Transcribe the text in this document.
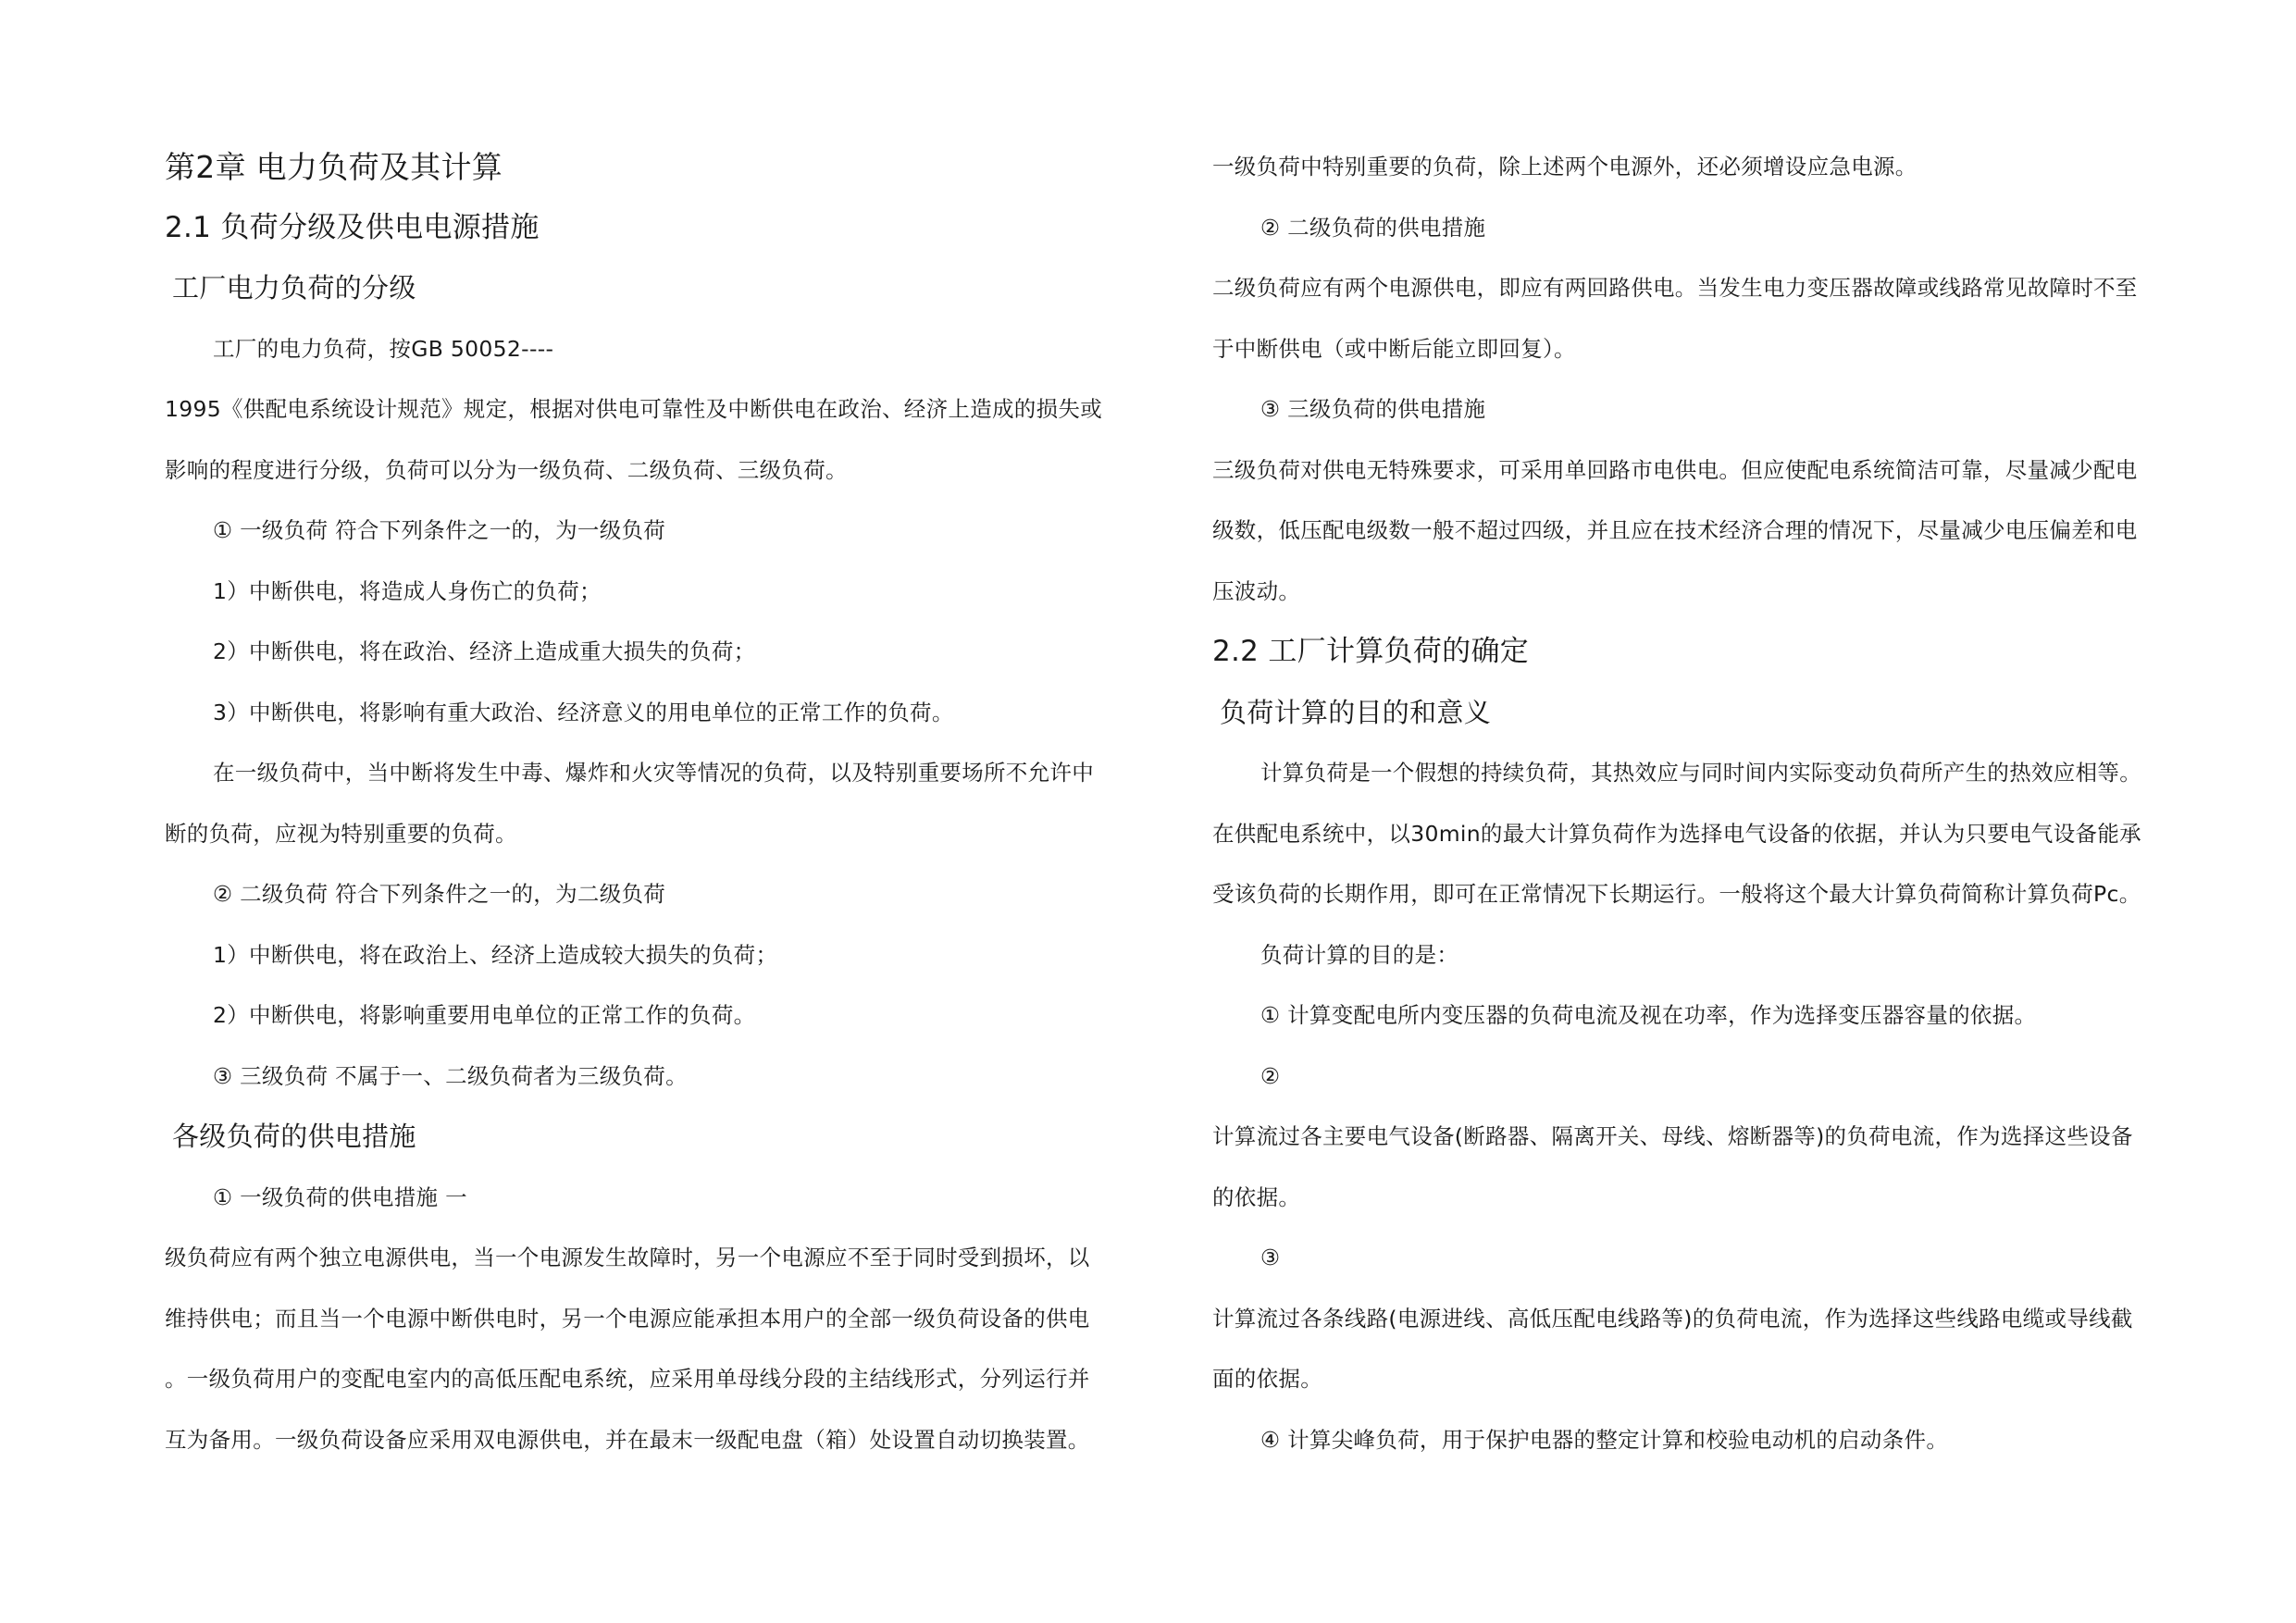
第2章 电力负荷及其计算
2.1 负荷分级及供电电源措施
工厂电力负荷的分级
工厂的电力负荷，按GB 50052----
1995《供配电系统设计规范》规定，根据对供电可靠性及中断供电在政治、经济上造成的损失或
影响的程度进行分级，负荷可以分为一级负荷、二级负荷、三级负荷。
① 一级负荷 符合下列条件之一的，为一级负荷
1）中断供电，将造成人身伤亡的负荷；
2）中断供电，将在政治、经济上造成重大损失的负荷；
3）中断供电，将影响有重大政治、经济意义的用电单位的正常工作的负荷。
在一级负荷中，当中断将发生中毒、爆炸和火灾等情况的负荷，以及特别重要场所不允许中
断的负荷，应视为特别重要的负荷。
② 二级负荷 符合下列条件之一的，为二级负荷
1）中断供电，将在政治上、经济上造成较大损失的负荷；
2）中断供电，将影响重要用电单位的正常工作的负荷。
③ 三级负荷 不属于一、二级负荷者为三级负荷。
各级负荷的供电措施
① 一级负荷的供电措施 一
级负荷应有两个独立电源供电，当一个电源发生故障时，另一个电源应不至于同时受到损坏，以
维持供电；而且当一个电源中断供电时，另一个电源应能承担本用户的全部一级负荷设备的供电
。一级负荷用户的变配电室内的高低压配电系统，应采用单母线分段的主结线形式，分列运行并
互为备用。一级负荷设备应采用双电源供电，并在最末一级配电盘（箱）处设置自动切换装置。
一级负荷中特别重要的负荷，除上述两个电源外，还必须增设应急电源。
② 二级负荷的供电措施
二级负荷应有两个电源供电，即应有两回路供电。当发生电力变压器故障或线路常见故障时不至
于中断供电（或中断后能立即回复）。
③ 三级负荷的供电措施
三级负荷对供电无特殊要求，可采用单回路市电供电。但应使配电系统简洁可靠，尽量减少配电
级数，低压配电级数一般不超过四级，并且应在技术经济合理的情况下，尽量减少电压偏差和电
压波动。
2.2 工厂计算负荷的确定
负荷计算的目的和意义
计算负荷是一个假想的持续负荷，其热效应与同时间内实际变动负荷所产生的热效应相等。
在供配电系统中，以30min的最大计算负荷作为选择电气设备的依据，并认为只要电气设备能承
受该负荷的长期作用，即可在正常情况下长期运行。一般将这个最大计算负荷简称计算负荷Pc。
负荷计算的目的是：
① 计算变配电所内变压器的负荷电流及视在功率，作为选择变压器容量的依据。
②
计算流过各主要电气设备(断路器、隔离开关、母线、熔断器等)的负荷电流，作为选择这些设备
的依据。
③
计算流过各条线路(电源进线、高低压配电线路等)的负荷电流，作为选择这些线路电缆或导线截
面的依据。
④ 计算尖峰负荷，用于保护电器的整定计算和校验电动机的启动条件。
